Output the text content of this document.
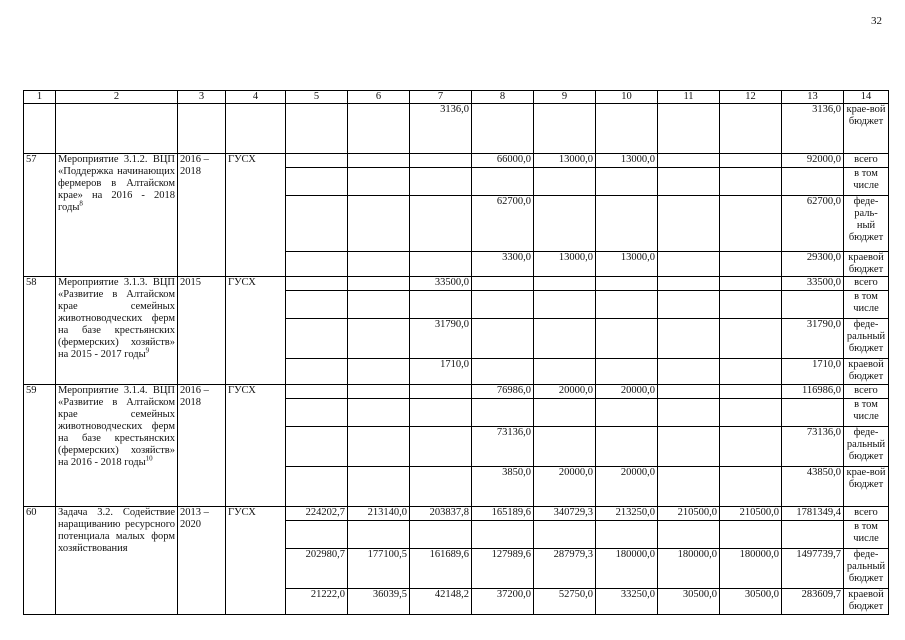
32
1	2	3	4	5	6	7	8	9	10	11	12	13	14
						3136,0						3136,0	крае-вой бюджет
57	Мероприятие 3.1.2. ВЦП «Поддержка начинающих фермеров в Алтайском крае» на 2016 - 2018 годы$^8$	2016 – 2018	ГУСХ				66000,0	13000,0	13000,0			92000,0	всего
													в том числе
							62700,0					62700,0	феде-раль-ный бюджет
							3300,0	13000,0	13000,0			29300,0	краевой бюджет
58	Мероприятие 3.1.3. ВЦП «Развитие в Алтайском крае семейных животноводческих ферм на базе крестьянских (фермерских) хозяйств» на 2015 - 2017 годы$^9$	2015	ГУСХ			33500,0						33500,0	всего
													в том числе
						31790,0						31790,0	феде-ральный бюджет
						1710,0						1710,0	краевой бюджет
59	Мероприятие 3.1.4. ВЦП «Развитие в Алтайском крае семейных животноводческих ферм на базе крестьянских (фермерских) хозяйств» на 2016 - 2018 годы$^{10}$	2016 – 2018	ГУСХ				76986,0	20000,0	20000,0			116986,0	всего
													в том числе
							73136,0					73136,0	феде-ральный бюджет
							3850,0	20000,0	20000,0			43850,0	крае-вой бюджет
60	Задача 3.2. Содействие наращиванию ресурсного потенциала малых форм хозяйствования	2013 – 2020	ГУСХ	224202,7	213140,0	203837,8	165189,6	340729,3	213250,0	210500,0	210500,0	1781349,4	всего
													в том числе
				202980,7	177100,5	161689,6	127989,6	287979,3	180000,0	180000,0	180000,0	1497739,7	феде-ральный бюджет
				21222,0	36039,5	42148,2	37200,0	52750,0	33250,0	30500,0	30500,0	283609,7	краевой бюджет
